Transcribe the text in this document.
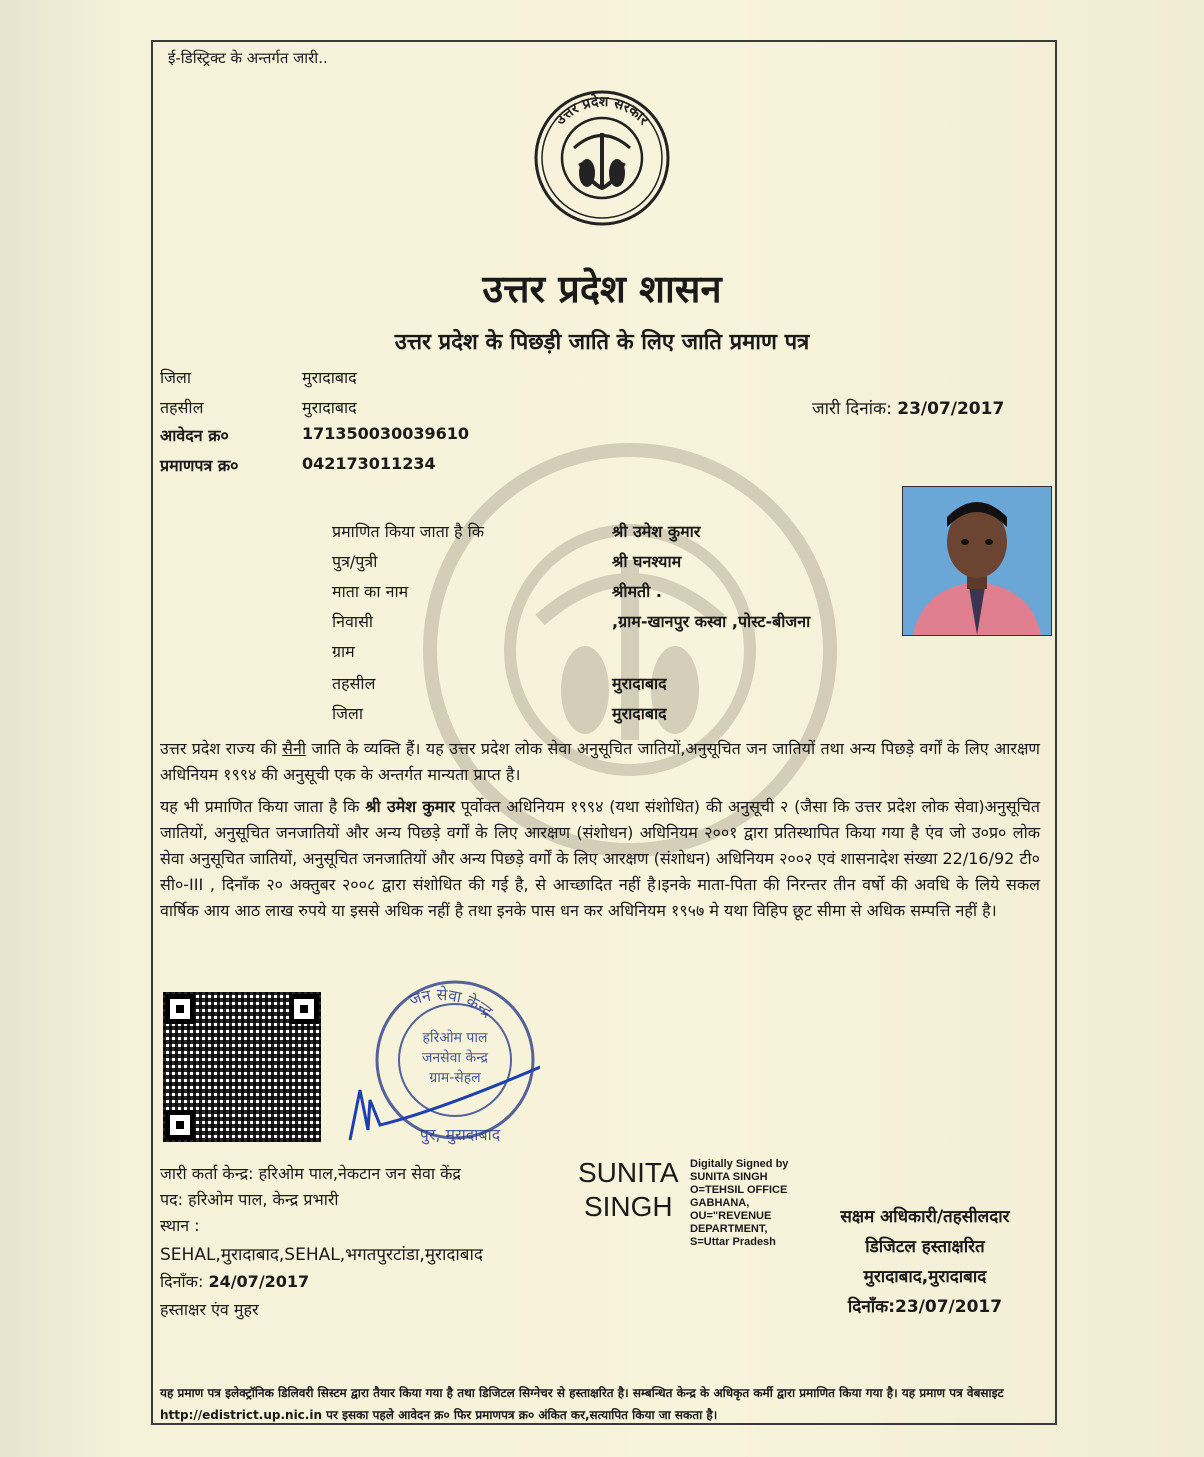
ई-डिस्ट्रिक्ट के अन्तर्गत जारी..
उत्तर प्रदेश सरकार
उत्तर प्रदेश शासन
उत्तर प्रदेश के पिछड़ी जाति के लिए जाति प्रमाण पत्र
जिला	मुरादाबाद
तहसील	मुरादाबाद
आवेदन क्र०	171350030039610
प्रमाणपत्र क्र०	042173011234
जारी दिनांक: 23/07/2017
प्रमाणित किया जाता है कि	श्री उमेश कुमार
पुत्र/पुत्री	श्री घनश्याम
माता का नाम	श्रीमती .
निवासी	,ग्राम-खानपुर कस्वा ,पोस्ट-बीजना
ग्राम
तहसील	मुरादाबाद
जिला	मुरादाबाद
उत्तर प्रदेश राज्य की सैनी जाति के व्यक्ति हैं। यह उत्तर प्रदेश लोक सेवा अनुसूचित जातियों,अनुसूचित जन जातियों तथा अन्य पिछड़े वर्गों के लिए आरक्षण अधिनियम १९९४ की अनुसूची एक के अन्तर्गत मान्यता प्राप्त है।
यह भी प्रमाणित किया जाता है कि श्री उमेश कुमार पूर्वोक्त अधिनियम १९९४ (यथा संशोधित) की अनुसूची २ (जैसा कि उत्तर प्रदेश लोक सेवा)अनुसूचित जातियों, अनुसूचित जनजातियों और अन्य पिछड़े वर्गों के लिए आरक्षण (संशोधन) अधिनियम २००१ द्वारा प्रतिस्थापित किया गया है एंव जो उ०प्र० लोक सेवा अनुसूचित जातियों, अनुसूचित जनजातियों और अन्य पिछड़े वर्गों के लिए आरक्षण (संशोधन) अधिनियम २००२ एवं शासनादेश संख्या 22/16/92 टी० सी०-III , दिनाँक २० अक्तुबर २००८ द्वारा संशोधित की गई है, से आच्छादित नहीं है।इनके माता-पिता की निरन्तर तीन वर्षो की अवधि के लिये सकल वार्षिक आय आठ लाख रुपये या इससे अधिक नहीं है तथा इनके पास धन कर अधिनियम १९५७ मे यथा विहिप छूट सीमा से अधिक सम्पत्ति नहीं है।
जन सेवा केन्द्र
हरिओम पाल
जनसेवा केन्द्र
ग्राम-सेहल
पुर, मुरादाबाद
जारी कर्ता केन्द्र: हरिओम पाल,नेकटान जन सेवा केंद्र
पद: हरिओम पाल, केन्द्र प्रभारी
स्थान :
SEHAL,मुरादाबाद,SEHAL,भगतपुरटांडा,मुरादाबाद
दिनाँक: 24/07/2017
हस्ताक्षर एंव मुहर
SUNITA
SINGH
Digitally Signed by
SUNITA SINGH
O=TEHSIL OFFICE
GABHANA,
OU="REVENUE
DEPARTMENT,
S=Uttar Pradesh
सक्षम अधिकारी/तहसीलदार
डिजिटल हस्ताक्षरित
मुरादाबाद,मुरादाबाद
दिनाँक:23/07/2017
यह प्रमाण पत्र इलेक्ट्रॉनिक डिलिवरी सिस्टम द्वारा तैयार किया गया है तथा डिजिटल सिग्नेचर से हस्ताक्षरित है। सम्बन्धित केन्द्र के अधिकृत कर्मी द्वारा प्रमाणित किया गया है। यह प्रमाण पत्र वेबसाइट http://edistrict.up.nic.in पर इसका पहले आवेदन क्र० फिर प्रमाणपत्र क्र० अंकित कर,सत्यापित किया जा सकता है।
